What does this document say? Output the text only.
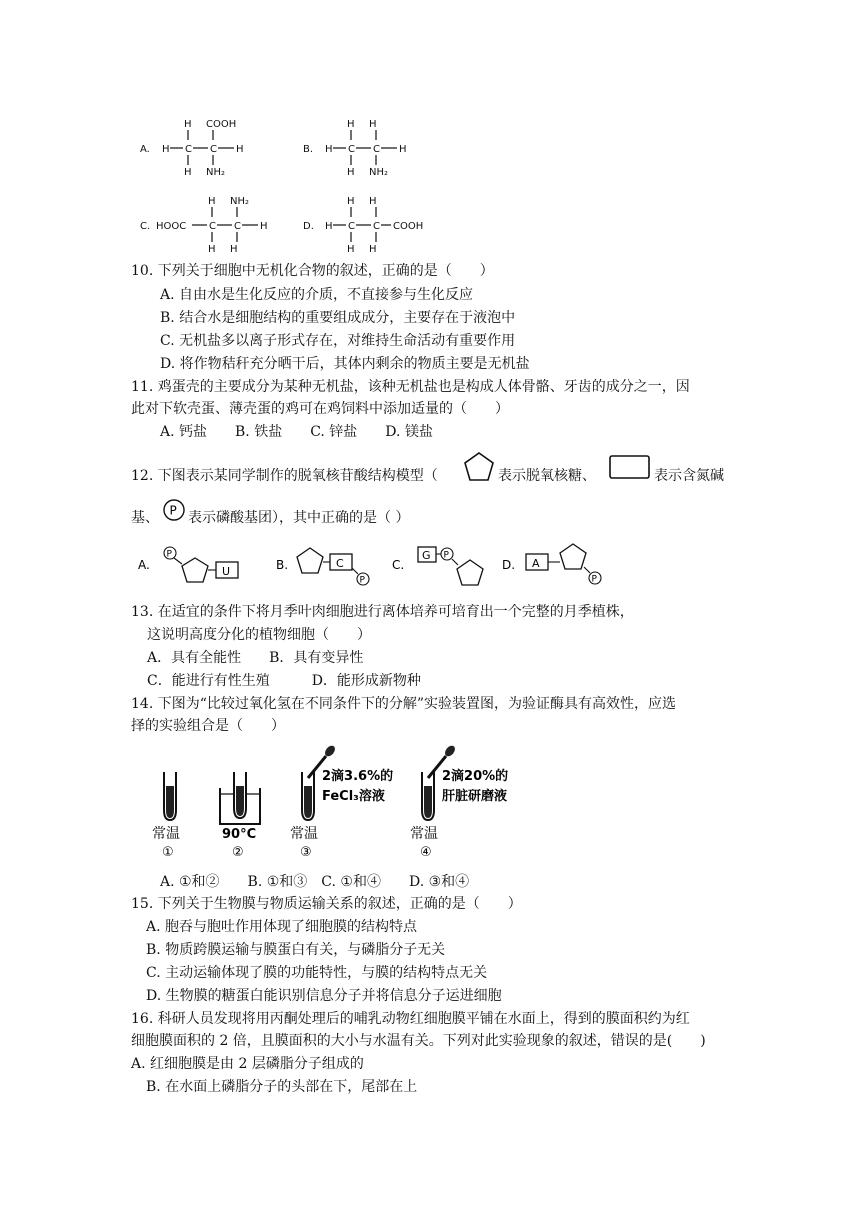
A.
H COOH
H C C H
H NH₂
B.
H H
H C C H
H NH₂
C.
H NH₂
HOOC C C H
H H
D.
H H
H C C COOH
H H
10. 下列关于细胞中无机化合物的叙述，正确的是（　　）
A. 自由水是生化反应的介质，不直接参与生化反应
B. 结合水是细胞结构的重要组成成分，主要存在于液泡中
C. 无机盐多以离子形式存在，对维持生命活动有重要作用
D. 将作物秸秆充分晒干后，其体内剩余的物质主要是无机盐
11. 鸡蛋壳的主要成分为某种无机盐，该种无机盐也是构成人体骨骼、牙齿的成分之一，因
此对下软壳蛋、薄壳蛋的鸡可在鸡饲料中添加适量的（　　）
A. 钙盐　　B. 铁盐　　C. 锌盐　　D. 镁盐
12. 下图表示某同学制作的脱氧核苷酸结构模型（	表示脱氧核糖、	表示含氮碱
基、 P 表示磷酸基团），其中正确的是（ ）
A.
P
U	B.	C
P
C.
G P
D. A
P
13. 在适宜的条件下将月季叶肉细胞进行离体培养可培育出一个完整的月季植株，
这说明高度分化的植物细胞（　　）
A．具有全能性　　B．具有变异性
C．能进行有性生殖　　　D．能形成新物种
14. 下图为“比较过氧化氢在不同条件下的分解”实验装置图，为验证酶具有高效性，应选
择的实验组合是（　　）
常温
①
90°C
②
2滴3.6%的
FeCl₃溶液
常温
③
2滴20%的
肝脏研磨液
常温
④
A. ①和②　　B. ①和③　C. ①和④　　D. ③和④
15. 下列关于生物膜与物质运输关系的叙述，正确的是（　　）
A. 胞吞与胞吐作用体现了细胞膜的结构特点
B. 物质跨膜运输与膜蛋白有关，与磷脂分子无关
C. 主动运输体现了膜的功能特性，与膜的结构特点无关
D. 生物膜的糖蛋白能识别信息分子并将信息分子运进细胞
16. 科研人员发现将用丙酮处理后的哺乳动物红细胞膜平铺在水面上，得到的膜面积约为红
细胞膜面积的 2 倍，且膜面积的大小与水温有关。下列对此实验现象的叙述，错误的是(　　)
A. 红细胞膜是由 2 层磷脂分子组成的
B. 在水面上磷脂分子的头部在下，尾部在上
